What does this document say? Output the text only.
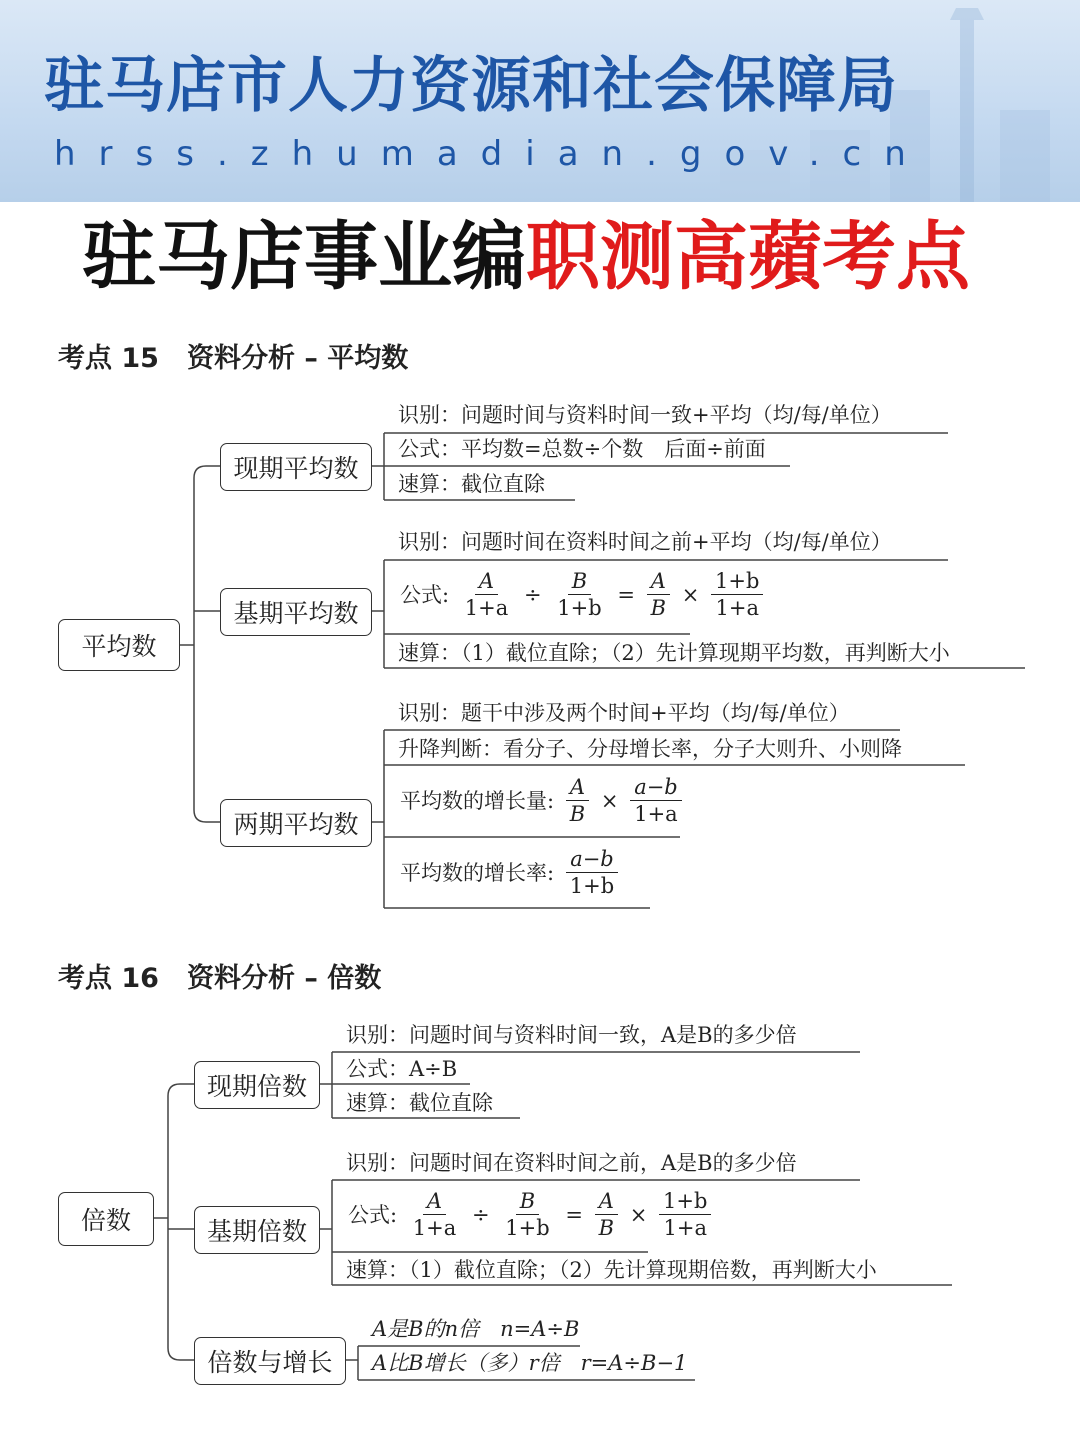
驻马店市人力资源和社会保障局
hrss.zhumadian.gov.cn
驻马店事业编职测高蘋考点
考点 15 资料分析 – 平均数
平均数
现期平均数
识别：问题时间与资料时间一致+平均（均/每/单位）
公式：平均数=总数÷个数　后面÷前面
速算：截位直除
基期平均数
识别：问题时间在资料时间之前+平均（均/每/单位）
公式: $\frac{A}{1+a} \div \frac{B}{1+b} = \frac{A}{B} \times \frac{1+b}{1+a}$
速算：（1）截位直除；（2）先计算现期平均数，再判断大小
两期平均数
识别：题干中涉及两个时间+平均（均/每/单位）
升降判断：看分子、分母增长率，分子大则升、小则降
平均数的增长量: $\frac{A}{B} \times \frac{a-b}{1+a}$
平均数的增长率: $\frac{a-b}{1+b}$
考点 16 资料分析 – 倍数
倍数
现期倍数
识别：问题时间与资料时间一致，A是B的多少倍
公式：A÷B
速算：截位直除
基期倍数
识别：问题时间在资料时间之前，A是B的多少倍
公式: $\frac{A}{1+a} \div \frac{B}{1+b} = \frac{A}{B} \times \frac{1+b}{1+a}$
速算：（1）截位直除；（2）先计算现期倍数，再判断大小
倍数与增长
A是B的n倍　n=A÷B
A比B增长（多）r倍　r=A÷B−1
